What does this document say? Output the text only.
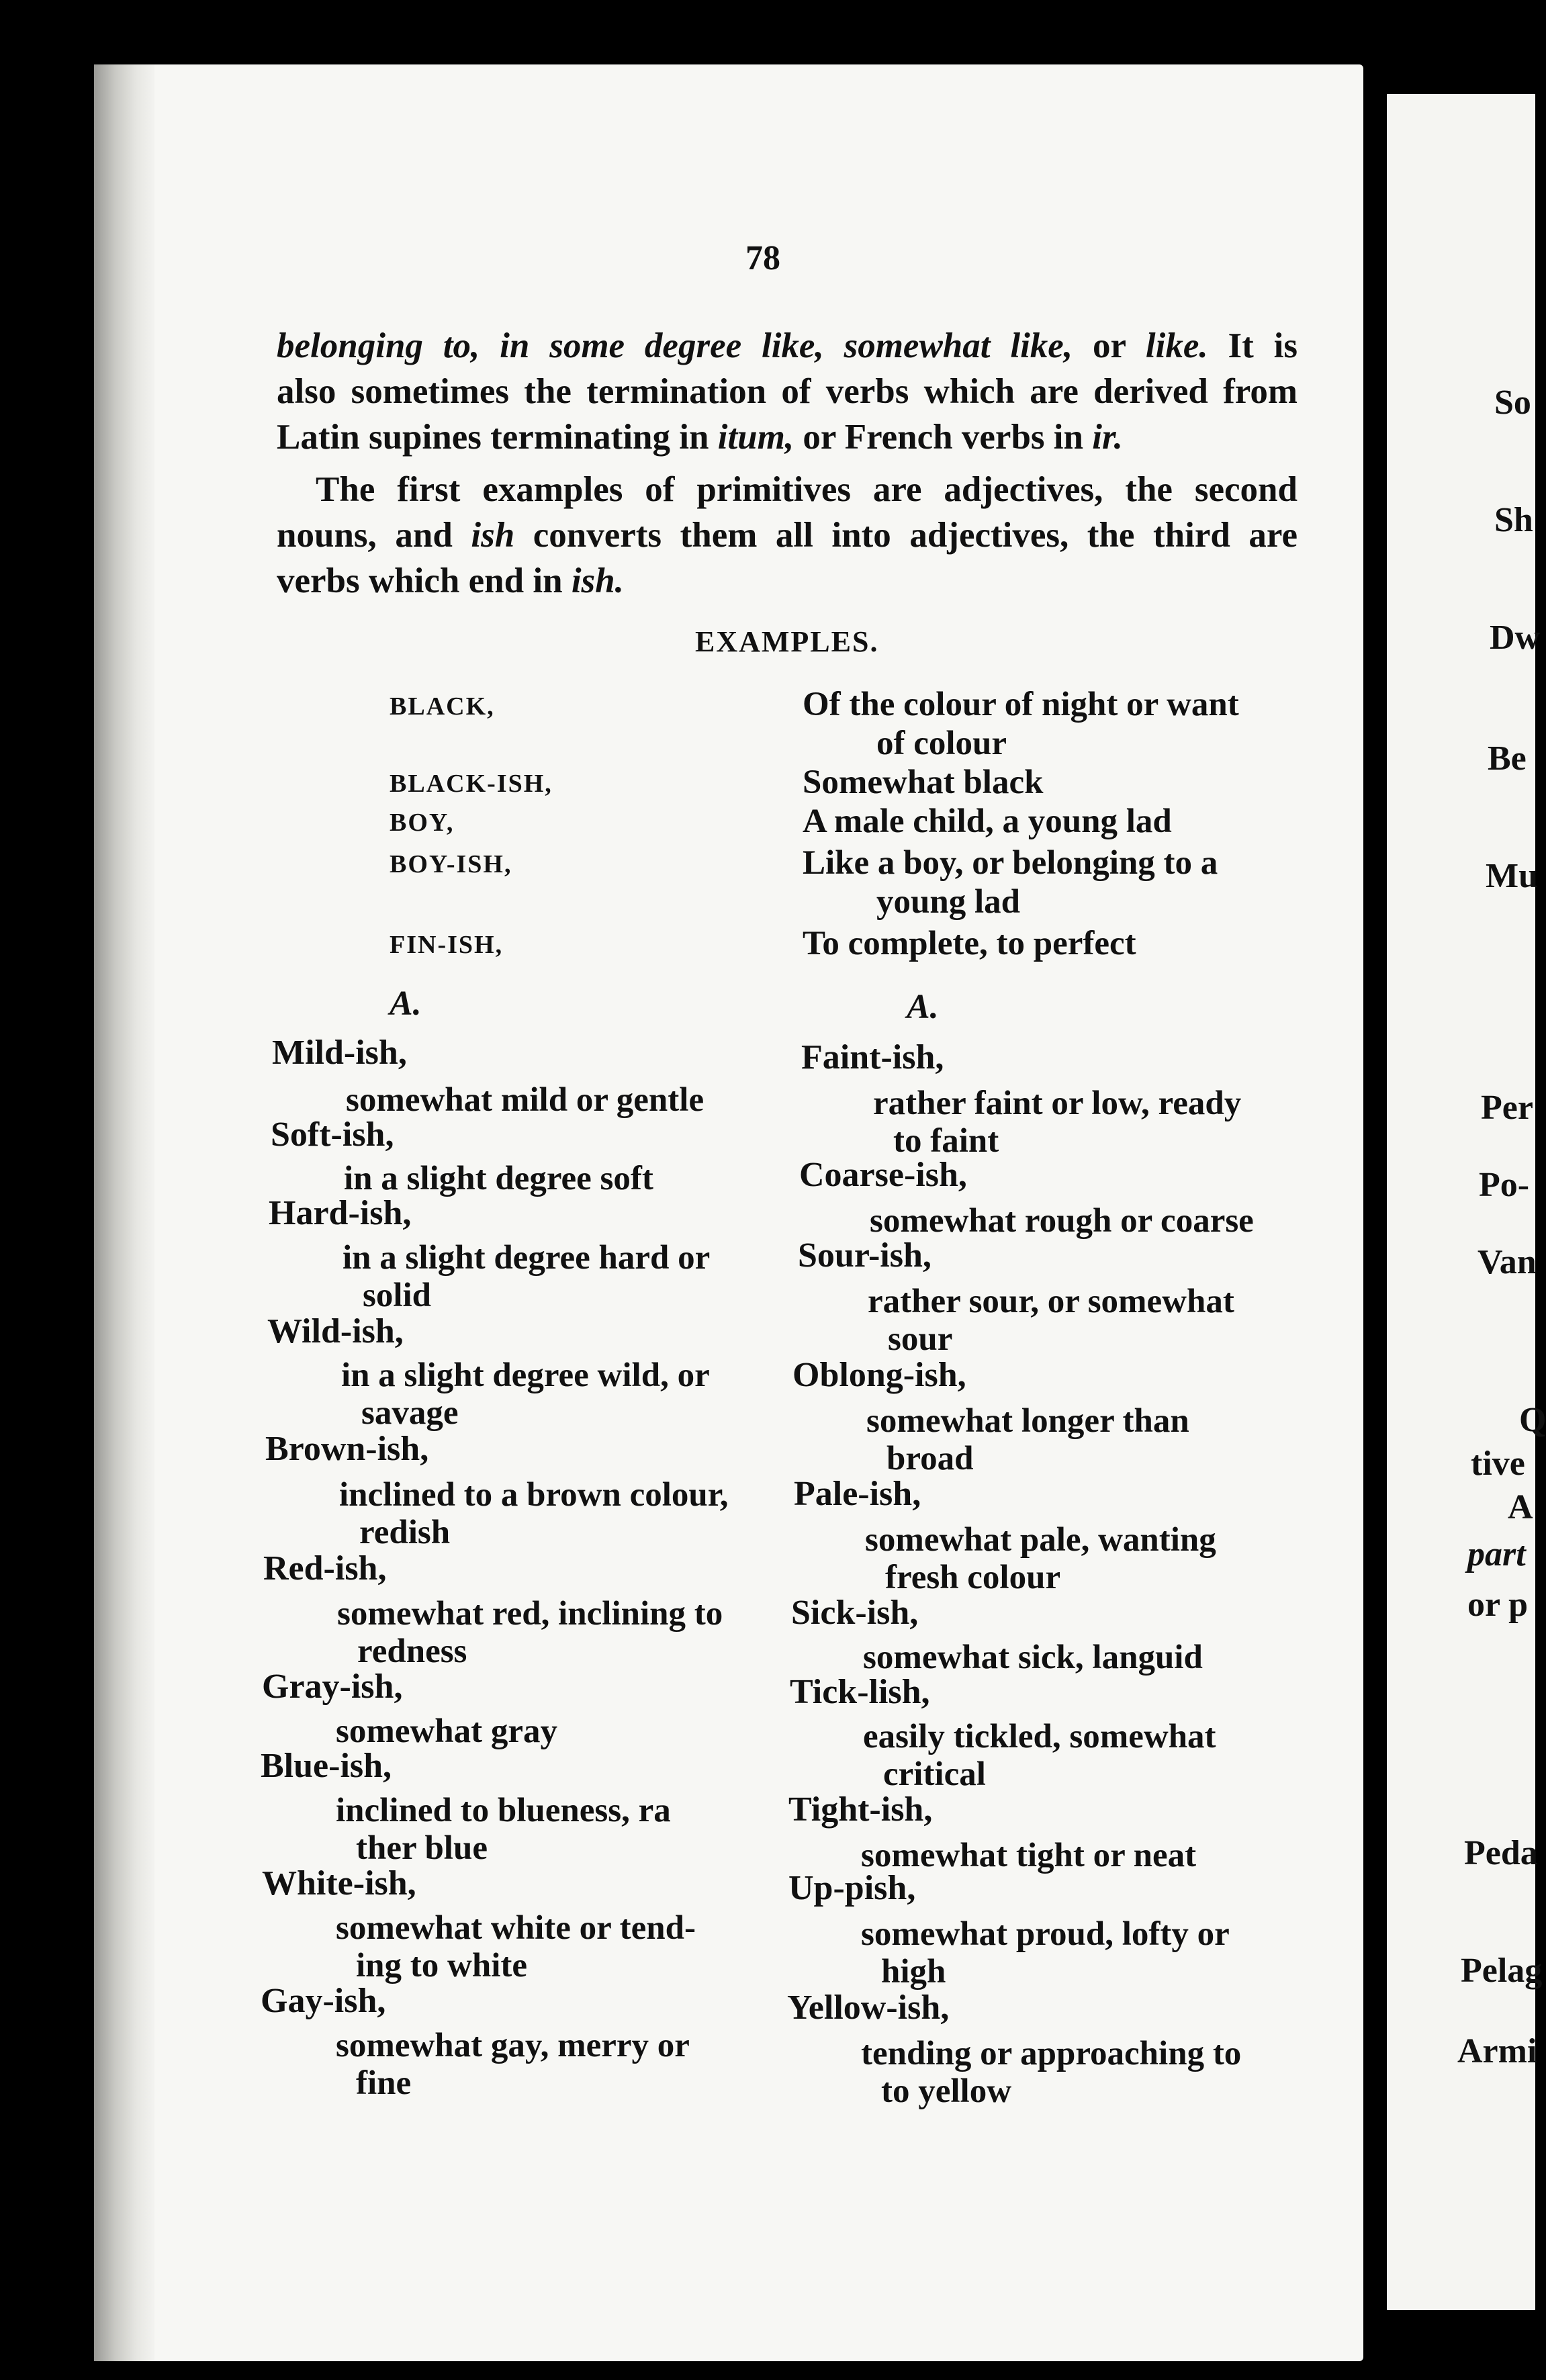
78
belonging to, in some degree like, somewhat like, or like. It is
also sometimes the termination of verbs which are derived from
Latin supines terminating in itum, or French verbs in ir.
The first examples of primitives are adjectives, the second
nouns, and ish converts them all into adjectives, the third are
verbs which end in ish.
EXAMPLES.
BLACK,	Of the colour of night or want
of colour
BLACK-ISH,	Somewhat black
BOY,	A male child, a young lad
BOY-ISH,	Like a boy, or belonging to a
young lad
FIN-ISH,	To complete, to perfect
A.	A.
Mild-ish,
somewhat mild or gentle
Soft-ish,
in a slight degree soft
Hard-ish,
in a slight degree hard or
solid
Wild-ish,
in a slight degree wild, or
savage
Brown-ish,
inclined to a brown colour,
redish
Red-ish,
somewhat red, inclining to
redness
Gray-ish,
somewhat gray
Blue-ish,
inclined to blueness, ra
ther blue
White-ish,
somewhat white or tend-
ing to white
Gay-ish,
somewhat gay, merry or
fine
Faint-ish,
rather faint or low, ready
to faint
Coarse-ish,
somewhat rough or coarse
Sour-ish,
rather sour, or somewhat
sour
Oblong-ish,
somewhat longer than
broad
Pale-ish,
somewhat pale, wanting
fresh colour
Sick-ish,
somewhat sick, languid
Tick-lish,
easily tickled, somewhat
critical
Tight-ish,
somewhat tight or neat
Up-pish,
somewhat proud, lofty or
high
Yellow-ish,
tending or approaching to
to yellow
So
Sh
Dw
Be
Mu
Per
Po-
Van
Q
tive
A
part
or p
Peda
Pelag
Armi
